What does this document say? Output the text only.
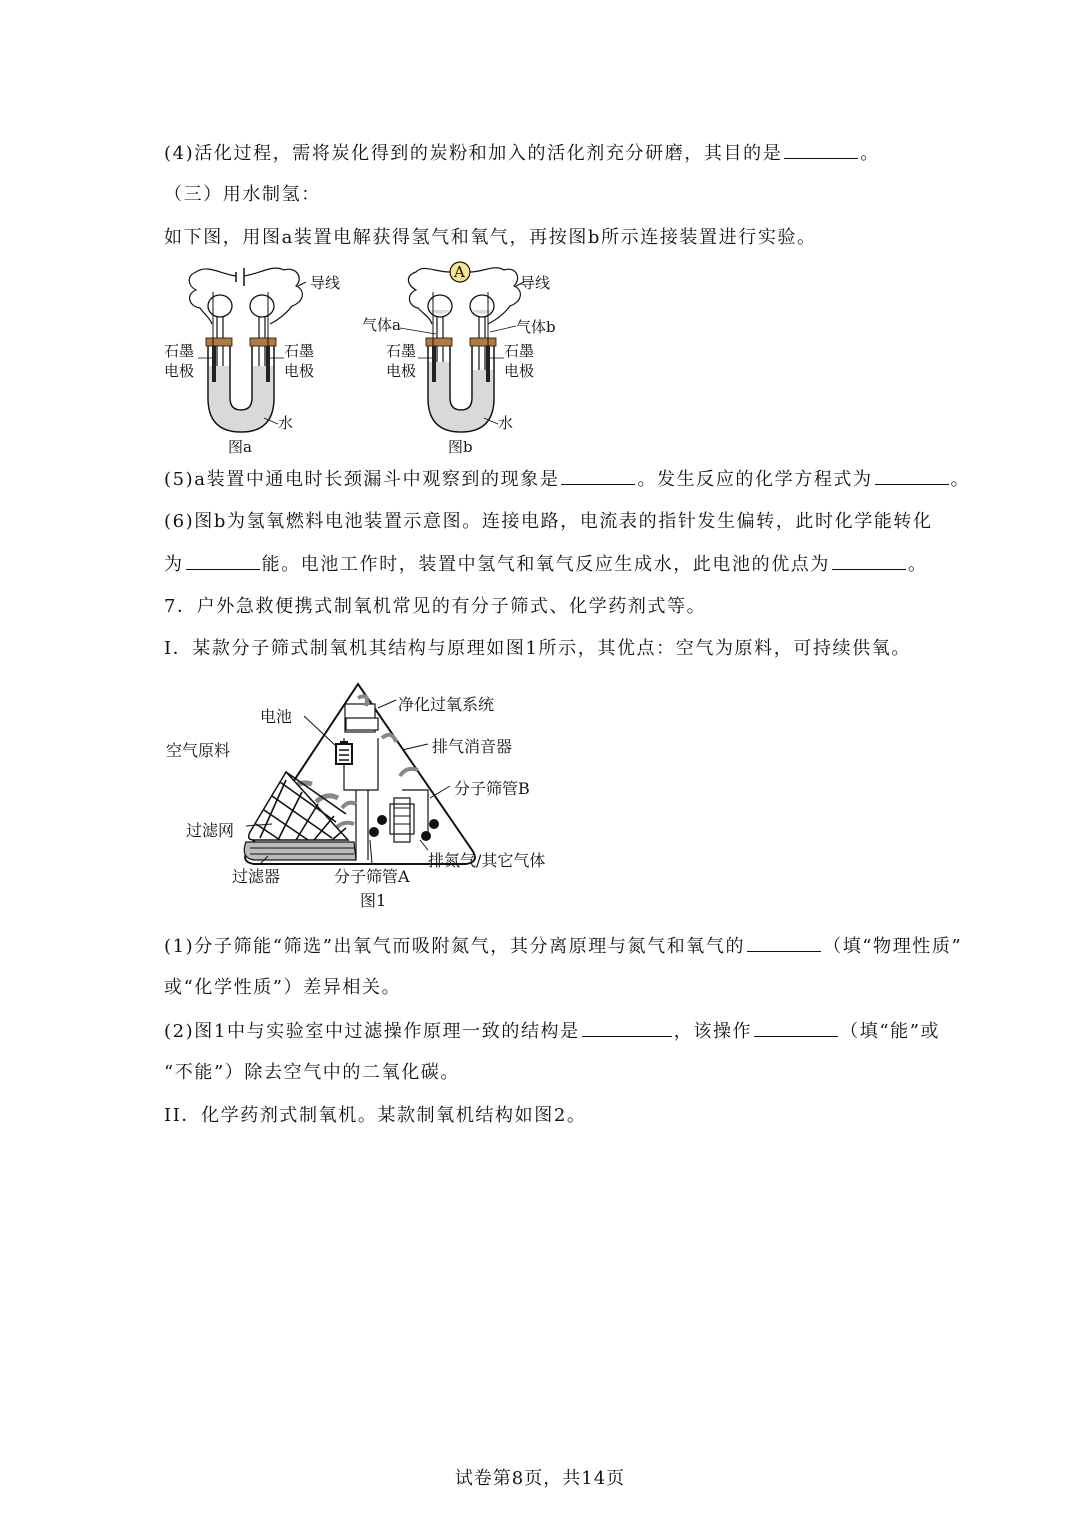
(4)活化过程，需将炭化得到的炭粉和加入的活化剂充分研磨，其目的是	。
（三）用水制氢：
如下图，用图a装置电解获得氢气和氧气，再按图b所示连接装置进行实验。
导线
石墨
电极
石墨
电极
水
图a
A
导线
气体a	气体b
石墨
电极
石墨
电极
水
图b
(5)a装置中通电时长颈漏斗中观察到的现象是	。发生反应的化学方程式为	。
(6)图b为氢氧燃料电池装置示意图。连接电路，电流表的指针发生偏转，此时化学能转化
为	能。电池工作时，装置中氢气和氧气反应生成水，此电池的优点为	。
7．户外急救便携式制氧机常见的有分子筛式、化学药剂式等。
I．某款分子筛式制氧机其结构与原理如图1所示，其优点：空气为原料，可持续供氧。
净化过氧系统
电池
排气消音器
空气原料
分子筛管B
过滤网
排氮气/其它气体
过滤器	分子筛管A
图1
(1)分子筛能“筛选”出氧气而吸附氮气，其分离原理与氮气和氧气的	（填“物理性质”
或“化学性质”）差异相关。
(2)图1中与实验室中过滤操作原理一致的结构是	，该操作	（填“能”或
“不能”）除去空气中的二氧化碳。
II．化学药剂式制氧机。某款制氧机结构如图2。
试卷第8页，共14页
